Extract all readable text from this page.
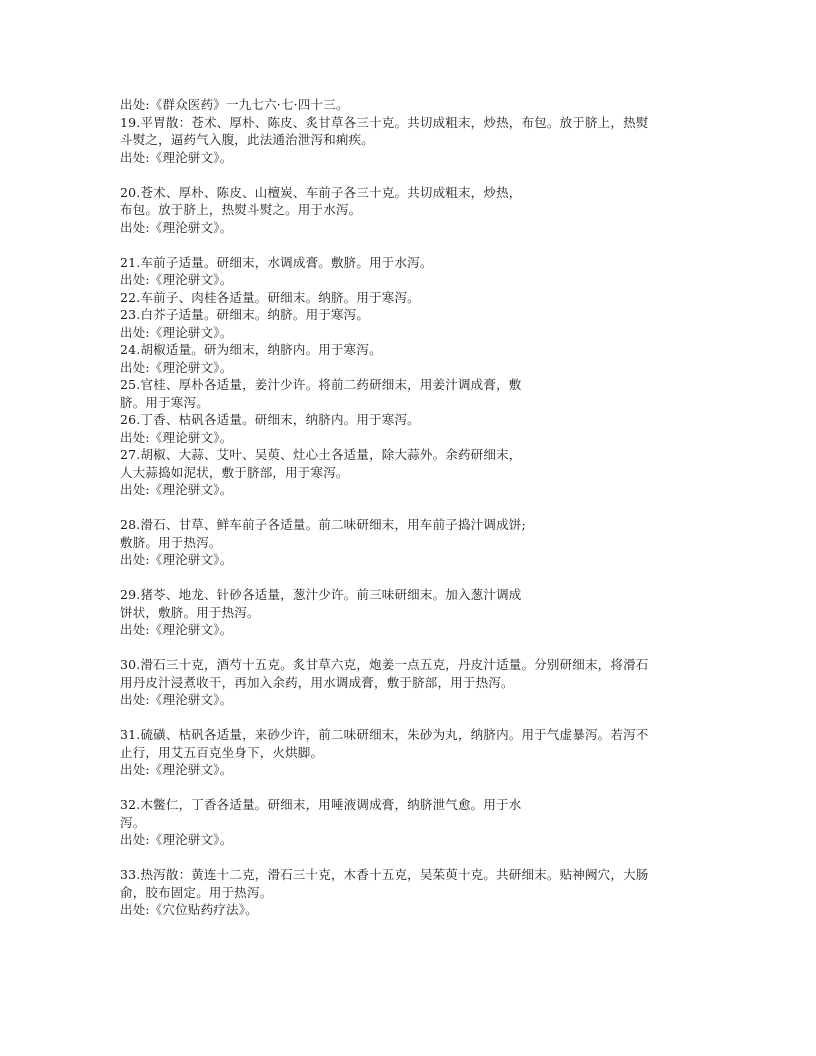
出处:《群众医药》一九七六·七·四十三。
19.平胃散：苍术、厚朴、陈皮、炙甘草各三十克。共切成粗末，炒热，布包。放于脐上，热熨
斗熨之，逼药气入腹，此法通治泄泻和痢疾。
出处:《理沦骈文》。
20.苍术、厚朴、陈皮、山檀炭、车前子各三十克。共切成粗末，炒热，
布包。放于脐上，热熨斗熨之。用于水泻。
出处:《理沦骈文》。
21.车前子适量。研细末，水调成膏。敷脐。用于水泻。
出处:《理沦骈文》。
22.车前子、肉桂各适量。研细末。纳脐。用于寒泻。
23.白芥子适量。研细末。纳脐。用于寒泻。
出处:《理论骈文》。
24.胡椒适量。研为细末，纳脐内。用于寒泻。
出处:《理沦骈文》。
25.官桂、厚朴各适量，姜汁少许。将前二药研细末，用姜汁调成膏，敷
脐。用于寒泻。
26.丁香、枯矾各适量。研细末，纳脐内。用于寒泻。
出处:《理论骈文》。
27.胡椒、大蒜、艾叶、吴萸、灶心土各适量，除大蒜外。余药研细末，
人大蒜捣如泥状，敷于脐部，用于寒泻。
出处:《理沦骈文》。
28.滑石、甘草、鲜车前子各适量。前二味研细末，用车前子捣汁调成饼;
敷脐。用于热泻。
出处:《理沦骈文》。
29.猪苓、地龙、针砂各适量，葱汁少许。前三味研细末。加入葱汁调成
饼状，敷脐。用于热泻。
出处:《理沦骈文》。
30.滑石三十克，酒芍十五克。炙甘草六克，炮姜一点五克，丹皮汁适量。分别研细末，将滑石
用丹皮汁浸煮收干，再加入余药，用水调成膏，敷于脐部，用于热泻。
出处:《理沦骈文》。
31.硫磺、枯矾各适量，来砂少许，前二味研细末，朱砂为丸，纳脐内。用于气虚暴泻。若泻不
止行，用艾五百克坐身下，火烘脚。
出处:《理沦骈文》。
32.木鳖仁，丁香各适量。研细末，用唾液调成膏，纳脐泄气愈。用于水
泻。
出处:《理沦骈文》。
33.热泻散：黄连十二克，滑石三十克，木香十五克，吴茱萸十克。共研细末。贴神阙穴，大肠
俞，胶布固定。用于热泻。
出处:《穴位贴药疗法》。
